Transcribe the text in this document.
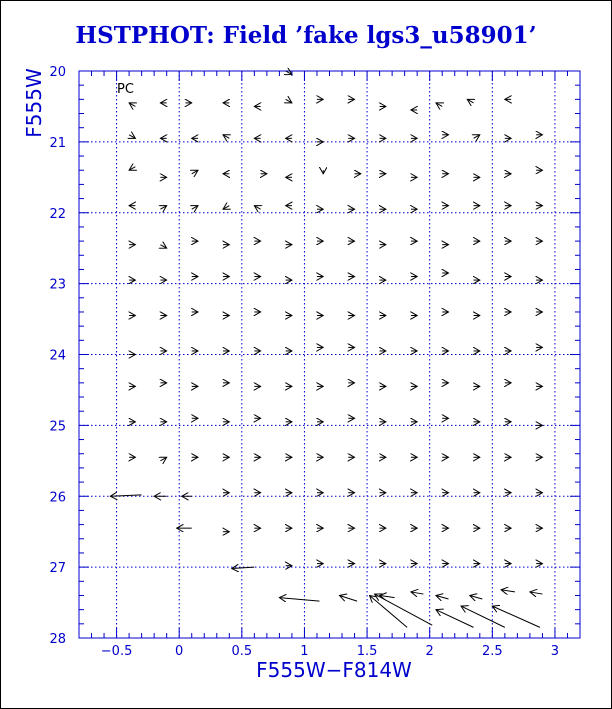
HSTPHOT: Field ’fake lgs3_u58901’
−0.5	0	0.5	1	1.5	2	2.5	3
20
21
22
23
24
25
26
27
28
PC
F555W−F814W
F555W
